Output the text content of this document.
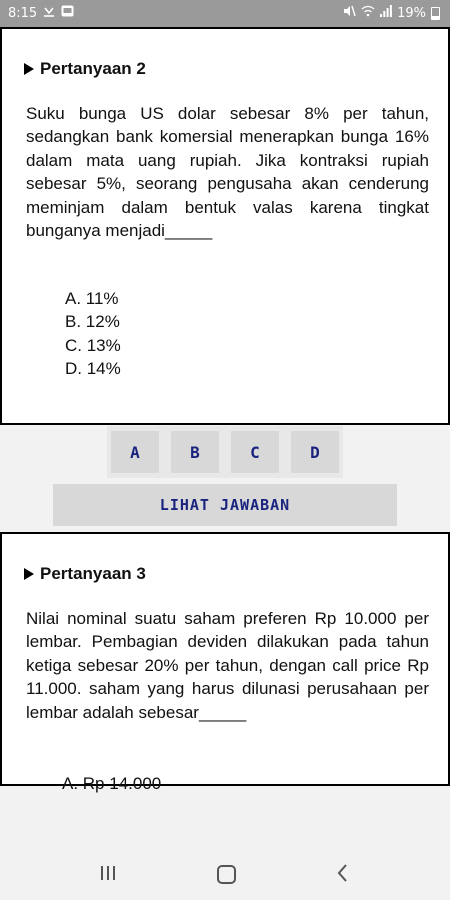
8:15	19%
Pertanyaan 2
Suku bunga US dolar sebesar 8% per tahun, sedangkan bank komersial menerapkan bunga 16% dalam mata uang rupiah. Jika kontraksi rupiah sebesar 5%, seorang pengusaha akan cenderung meminjam dalam bentuk valas karena tingkat bunganya menjadi_____
A. 11%
B. 12%
C. 13%
D. 14%
A	B	C	D
LIHAT JAWABAN
Pertanyaan 3
Nilai nominal suatu saham preferen Rp 10.000 per lembar. Pembagian deviden dilakukan pada tahun ketiga sebesar 20% per tahun, dengan call price Rp 11.000. saham yang harus dilunasi perusahaan per lembar adalah sebesar_____
A. Rp 14.000
